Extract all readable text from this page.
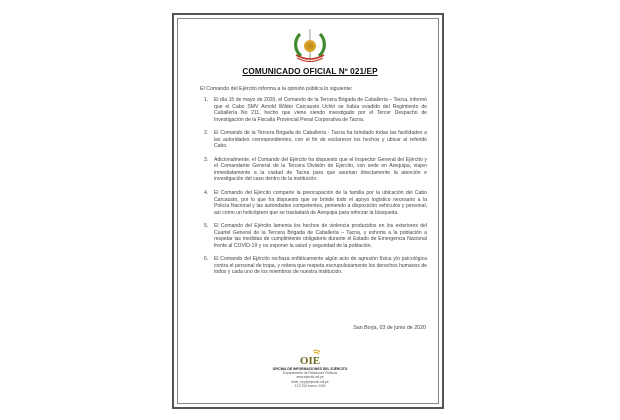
COMUNICADO OFICIAL Nº 021/EP
El Comando del Ejército informa a la opinión pública lo siguiente:
1. El día 15 de mayo de 2020, el Comando de la Tercera Brigada de Caballería – Tacna, informó que el Cabo SMV Arnold Wilder Carcausto Uchiri se había evadido del Regimiento de Caballería No 211, hecho que viene siendo investigado por el Tercer Despacho de Investigación de la Fiscalía Provincial Penal Corporativa de Tacna.
2. El Comando de la Tercera Brigada de Caballería - Tacna ha brindado todas las facilidades a las autoridades correspondientes, con el fin de esclarecer los hechos y ubicar al referido Cabo.
3. Adicionalmente, el Comando del Ejército ha dispuesto que el Inspector General del Ejército y el Comandante General de la Tercera División de Ejército, con sede en Arequipa, viajen inmediatamente a la ciudad de Tacna para que asuman directamente la atención e investigación del caso dentro de la institución.
4. El Comando del Ejército comparte la preocupación de la familia por la ubicación del Cabo Carcausto, por lo que ha dispuesto que se brinde todo el apoyo logístico necesario a la Policía Nacional y las autoridades competentes, poniendo a disposición vehículos y personal, así como un helicóptero que se trasladará de Arequipa para reforzar la búsqueda.
5. El Comando del Ejército lamenta los hechos de violencia producidos en los exteriores del Cuartel General de la Tercera Brigada de Caballería – Tacna, y exhorta a la población a respetar las medidas de cumplimiento obligatorio durante el Estado de Emergencia Nacional frente al COVID-19 y no exponer la salud y seguridad de la población.
6. El Comando del Ejército rechaza enfáticamente algún acto de agresión física y/o psicológica contra el personal de tropa, y reitera que respeta escrupulosamente los derechos humanos de todos y cada uno de los miembros de nuestra institución.
San Borja, 03 de junio de 2020
OIE
OFICINA DE INFORMACIONES DEL EJÉRCITO
Departamento de Relaciones Públicas
www.ejercito.mil.pe
dinfe_rrpp@ejercito.mil.pe
3171700 Anexo: 2080
